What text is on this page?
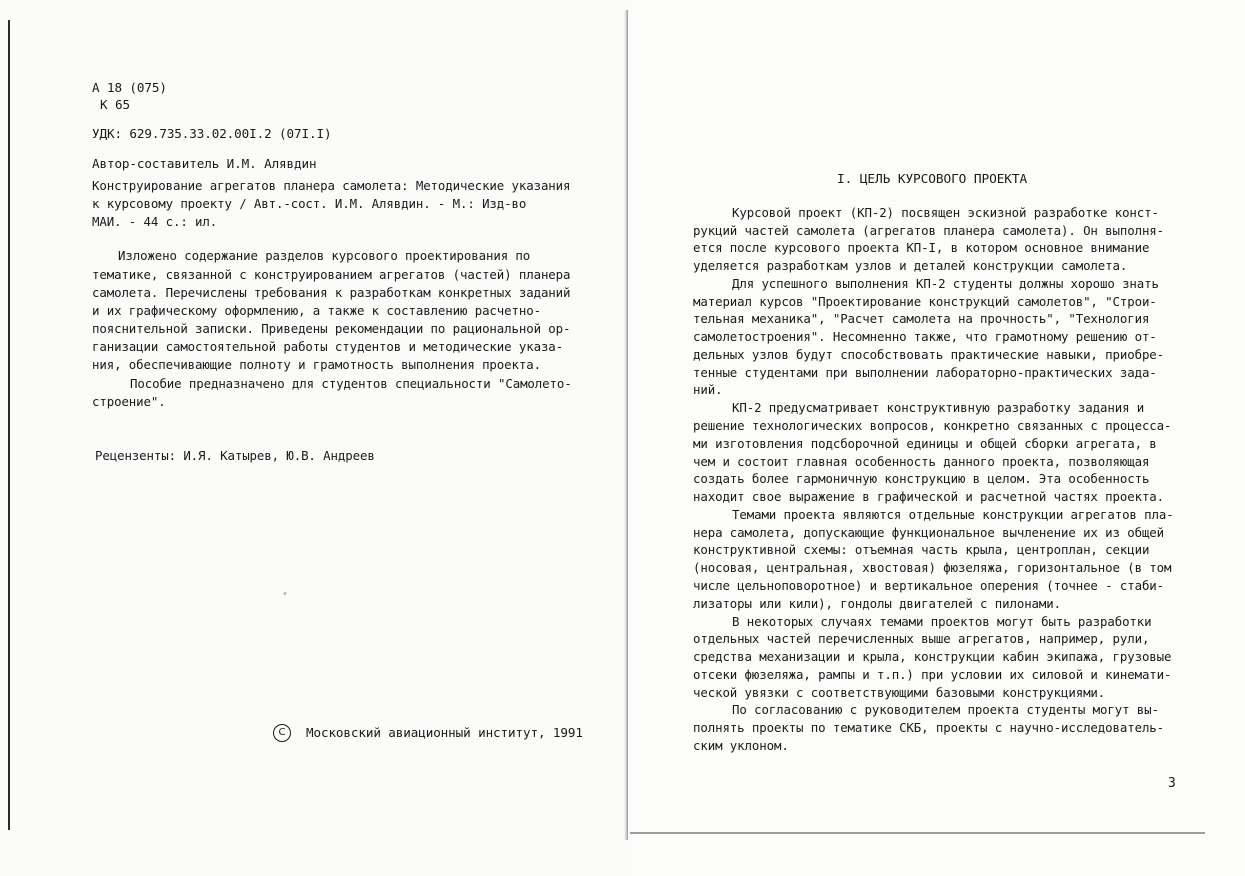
А 18 (075)
К 65
УДК: 629.735.33.02.00I.2 (07I.I)
Автор-составитель И.М. Алявдин
Конструирование агрегатов планера самолета: Методические указания
к курсовому проекту / Авт.-сост. И.М. Алявдин. - М.: Изд-во
МАИ. - 44 с.: ил.
Изложено содержание разделов курсового проектирования по
тематике, связанной с конструированием агрегатов (частей) планера
самолета. Перечислены требования к разработкам конкретных заданий
и их графическому оформлению, а также к составлению расчетно-
пояснительной записки. Приведены рекомендации по рациональной ор-
ганизации самостоятельной работы студентов и методические указа-
ния, обеспечивающие полноту и грамотность выполнения проекта.
Пособие предназначено для студентов специальности "Самолето-
строение".
Рецензенты: И.Я. Катырев, Ю.В. Андреев
C	Московский авиационный институт, 1991
I. ЦЕЛЬ КУРСОВОГО ПРОЕКТА
Курсовой проект (КП-2) посвящен эскизной разработке конст-
рукций частей самолета (агрегатов планера самолета). Он выполня-
ется после курсового проекта КП-I, в котором основное внимание
уделяется разработкам узлов и деталей конструкции самолета.
Для успешного выполнения КП-2 студенты должны хорошо знать
материал курсов "Проектирование конструкций самолетов", "Строи-
тельная механика", "Расчет самолета на прочность", "Технология
самолетостроения". Несомненно также, что грамотному решению от-
дельных узлов будут способствовать практические навыки, приобре-
тенные студентами при выполнении лабораторно-практических зада-
ний.
КП-2 предусматривает конструктивную разработку задания и
решение технологических вопросов, конкретно связанных с процесса-
ми изготовления подсборочной единицы и общей сборки агрегата, в
чем и состоит главная особенность данного проекта, позволяющая
создать более гармоничную конструкцию в целом. Эта особенность
находит свое выражение в графической и расчетной частях проекта.
Темами проекта являются отдельные конструкции агрегатов пла-
нера самолета, допускающие функциональное вычленение их из общей
конструктивной схемы: отъемная часть крыла, центроплан, секции
(носовая, центральная, хвостовая) фюзеляжа, горизонтальное (в том
числе цельноповоротное) и вертикальное оперения (точнее - стаби-
лизаторы или кили), гондолы двигателей с пилонами.
В некоторых случаях темами проектов могут быть разработки
отдельных частей перечисленных выше агрегатов, например, рули,
средства механизации и крыла, конструкции кабин экипажа, грузовые
отсеки фюзеляжа, рампы и т.п.) при условии их силовой и кинемати-
ческой увязки с соответствующими базовыми конструкциями.
По согласованию с руководителем проекта студенты могут вы-
полнять проекты по тематике СКБ, проекты с научно-исследователь-
ским уклоном.
3
